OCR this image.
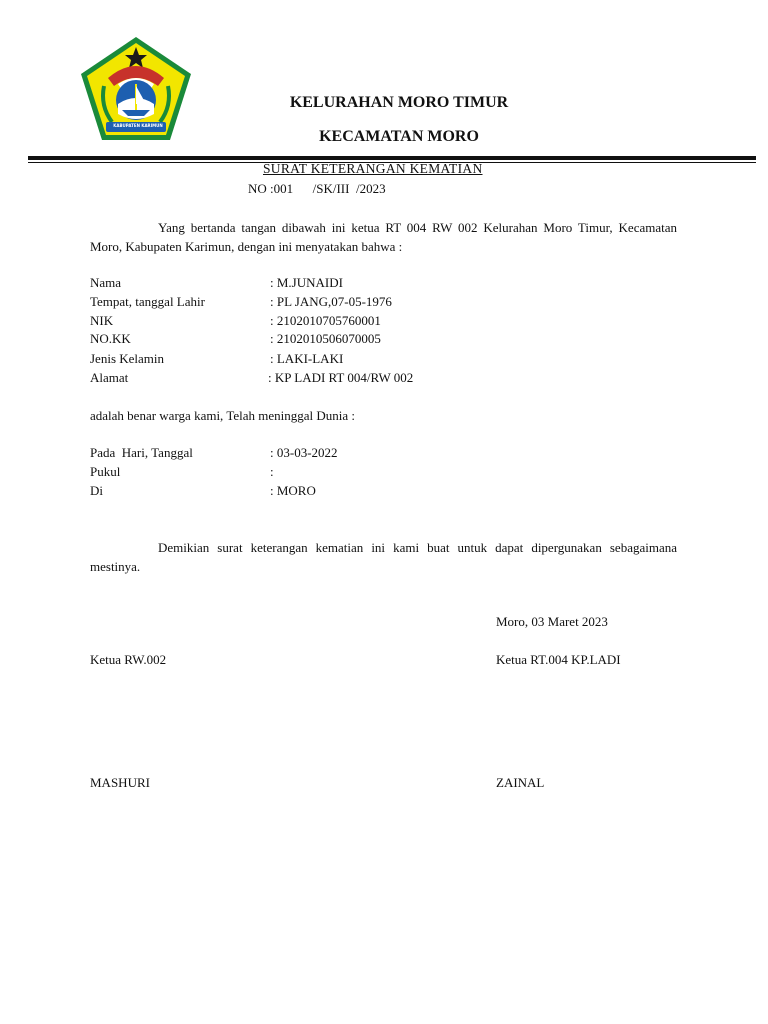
KABUPATEN KARIMUN
KELURAHAN MORO TIMUR
KECAMATAN MORO
SURAT KETERANGAN KEMATIAN
NO :001      /SK/III  /2023
Yang bertanda tangan dibawah ini ketua RT 004 RW 002 Kelurahan Moro Timur, Kecamatan Moro, Kabupaten Karimun, dengan ini menyatakan bahwa :
Nama	: M.JUNAIDI
Tempat, tanggal Lahir	: PL JANG,07-05-1976
NIK	: 2102010705760001
NO.KK	: 2102010506070005
Jenis Kelamin	: LAKI-LAKI
Alamat	: KP LADI RT 004/RW 002
adalah benar warga kami, Telah meninggal Dunia :
Pada  Hari, Tanggal	: 03-03-2022
Pukul	:
Di	: MORO
Demikian surat keterangan kematian ini kami buat untuk dapat dipergunakan sebagaimana mestinya.
Moro, 03 Maret 2023
Ketua RW.002	Ketua RT.004 KP.LADI
MASHURI	ZAINAL
